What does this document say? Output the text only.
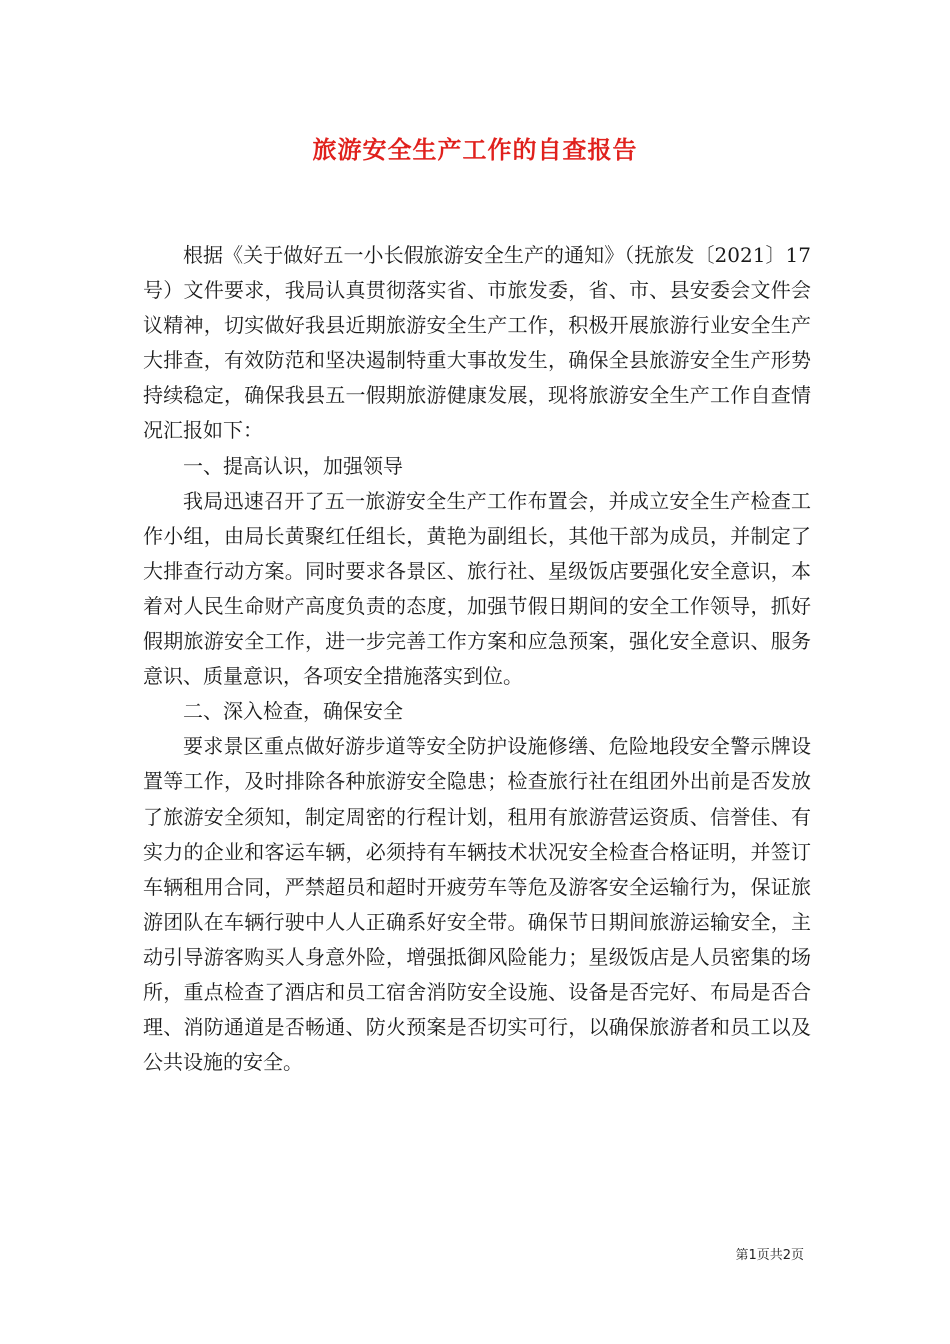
旅游安全生产工作的自查报告

根据《关于做好五一小长假旅游安全生产的通知》（抚旅发〔2021〕17号）文件要求，我局认真贯彻落实省、市旅发委，省、市、县安委会文件会议精神，切实做好我县近期旅游安全生产工作，积极开展旅游行业安全生产大排查，有效防范和坚决遏制特重大事故发生，确保全县旅游安全生产形势持续稳定，确保我县五一假期旅游健康发展，现将旅游安全生产工作自查情况汇报如下：

一、提高认识，加强领导

我局迅速召开了五一旅游安全生产工作布置会，并成立安全生产检查工作小组，由局长黄聚红任组长，黄艳为副组长，其他干部为成员，并制定了大排查行动方案。同时要求各景区、旅行社、星级饭店要强化安全意识，本着对人民生命财产高度负责的态度，加强节假日期间的安全工作领导，抓好假期旅游安全工作，进一步完善工作方案和应急预案，强化安全意识、服务意识、质量意识，各项安全措施落实到位。

二、深入检查，确保安全

要求景区重点做好游步道等安全防护设施修缮、危险地段安全警示牌设置等工作，及时排除各种旅游安全隐患；检查旅行社在组团外出前是否发放了旅游安全须知，制定周密的行程计划，租用有旅游营运资质、信誉佳、有实力的企业和客运车辆，必须持有车辆技术状况安全检查合格证明，并签订车辆租用合同，严禁超员和超时开疲劳车等危及游客安全运输行为，保证旅游团队在车辆行驶中人人正确系好安全带。确保节日期间旅游运输安全，主动引导游客购买人身意外险，增强抵御风险能力；星级饭店是人员密集的场所，重点检查了酒店和员工宿舍消防安全设施、设备是否完好、布局是否合理、消防通道是否畅通、防火预案是否切实可行，以确保旅游者和员工以及公共设施的安全。

第1页共2页
